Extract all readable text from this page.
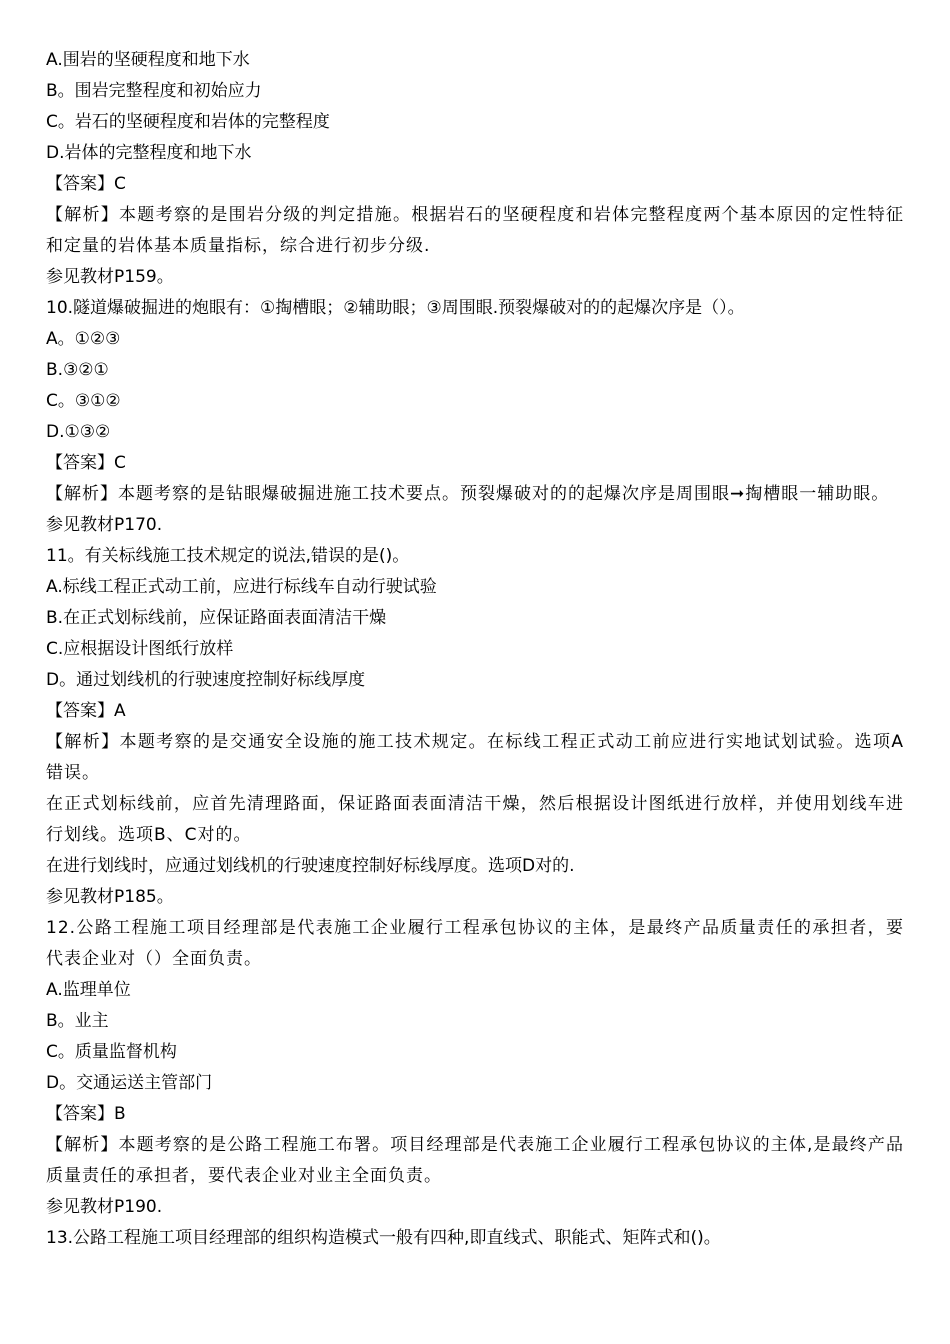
A.围岩的坚硬程度和地下水
B。围岩完整程度和初始应力
C。岩石的坚硬程度和岩体的完整程度
D.岩体的完整程度和地下水
【答案】C
【解析】本题考察的是围岩分级的判定措施。根据岩石的坚硬程度和岩体完整程度两个基本原因的定性特征和定量的岩体基本质量指标，综合进行初步分级.
参见教材P159。
10.隧道爆破掘进的炮眼有：①掏槽眼；②辅助眼；③周围眼.预裂爆破对的的起爆次序是（）。
A。①②③
B.③②①
C。③①②
D.①③②
【答案】C
【解析】本题考察的是钻眼爆破掘进施工技术要点。预裂爆破对的的起爆次序是周围眼➞掏槽眼一辅助眼。
参见教材P170.
11。有关标线施工技术规定的说法,错误的是()。
A.标线工程正式动工前，应进行标线车自动行驶试验
B.在正式划标线前，应保证路面表面清洁干燥
C.应根据设计图纸行放样
D。通过划线机的行驶速度控制好标线厚度
【答案】A
【解析】本题考察的是交通安全设施的施工技术规定。在标线工程正式动工前应进行实地试划试验。选项A错误。
在正式划标线前，应首先清理路面，保证路面表面清洁干燥，然后根据设计图纸进行放样，并使用划线车进行划线。选项B、C对的。
在进行划线时，应通过划线机的行驶速度控制好标线厚度。选项D对的.
参见教材P185。
12.公路工程施工项目经理部是代表施工企业履行工程承包协议的主体，是最终产品质量责任的承担者，要代表企业对（）全面负责。
A.监理单位
B。业主
C。质量监督机构
D。交通运送主管部门
【答案】B
【解析】本题考察的是公路工程施工布署。项目经理部是代表施工企业履行工程承包协议的主体,是最终产品质量责任的承担者，要代表企业对业主全面负责。
参见教材P190.
13.公路工程施工项目经理部的组织构造模式一般有四种,即直线式、职能式、矩阵式和()。
